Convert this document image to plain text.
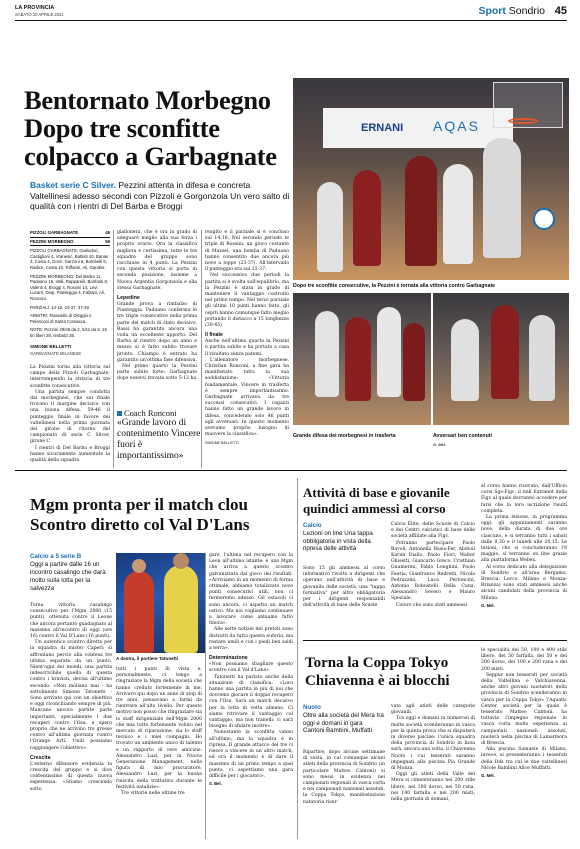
LA PROVINCIA
SABATO 10 APRILE 2021	Sport Sondrio 45
Bentornato Morbegno
Dopo tre sconfitte
colpacco a Garbagnate
Basket serie C Silver. Pezzini attenta in difesa e concreta Valtellinesi adesso secondi con Pizzoli e Gorgonzola Un vero salto di qualità con i rientri di Del Barba e Broggi
PIZZOLI GARBAGNATE	46
PEZZINI MORBEGNO	59
PIZZOLI GARBAGNATE: Giuliodori, Castiglioni 4, Vranesic, Battisti 10, Banas 3, Costa 4, Gorzi, Garzoni 6, Bombelli 6, Radice, Costa 10, Toffanin, Ali, Gandini.
PEZZINI MORBEGNO: Del Barba 11, Paduano 16, Valli, Rappareili, Bonfanti 8, Valenti 4, Broggi 4, Rossini 14, Levi Lucarri, Diop, Pianteggia 4, Falzani, Ali, Ronconi.
PARZIALI: 14-16, 23-37, 37-49
ARBITRI: Tarasiello di Oleggio e Pelanconi di Santa Comasca.
NOTE: Pezzini 29/46 da 2, 5/11 da 3, 16 tiri liberi 28, rimbalzi 35.
SIMONE BELLETTI
GARBAGNATE MILANESE

La Pezzini torna alla vittoria sul campo della Pizzoli Garbagnate, interrompendo la striscia di tre sconfitte consecutive.

Una partita sempre condotta dai morbegnesi, che sul finale trovano il margine decisivo con una buona difesa. 59-46 il punteggio finale in favore dei valtellinesi nella prima giornata del girone di ritorno del campionato di serie C Silver, girone C.

I rientri di Del Barba e Broggi hanno sicuramente aumentato la qualità della squadra

giallonera, che è ora in grado di adeguare meglio alla sua forza i proprio orario. Ora la classifica migliora e certissima, tutte le tre squadre del gruppo sono racchiuse in 4 punti. La Pezzini con questa vittoria si porta in seconda posizione, insieme a Nuova Argentia Gorgonzola e alla stessa Garbagnate.

Lepedine

Grande prova a rimbalzo di Pianteggia. Paduano conferma le tre triple consecutive nella prima parte del match di stato decisivo. Bassi ha garantito ancora una volta un eccellente apporto. Del Barba al rientro dopo un anno e mezzo si è fatto subito trovare pronto. Chiampo è entrato ha garantito un'ottima fase difensiva.

Nel primo quarto la Pezzini parte subito forte: Garbagnate dopo essersi trovata sotto 5-12 ha

Coach Ronconi
«Grande lavoro di contenimento Vincere fuori è importantissimo»

reagito e il parziale si è concluso sul 14-16. Nel secondo periodo le triple di Rossini, un gioco costante di Mazzei, una bomba di Paduano hanno consentito due ancora più nove a loppo (23-37). All'intervallo il punteggio era sul 23-37.

Nel successivo due periodi la partita si è svolta sull'equilibrio, ma la Pezzini è stata in grado di mantenere il vantaggio costruito nel primo tempo. Nel terzo parziale gli ultimi 10 punti hanno fatto, gli ospiti hanno comunque fatto meglio portando il distacco a 15 lunghezze (30-45).

Il finale

Anche nell'ultimo quarto la Pezzini è partita subito e ha portato a casa il risultato senza patemi.

L'allenatore morbegnese, Christian Ronconi, a fine gara ha manifestato tutta la sua soddisfazione: «Vittoria fondamentale. Vincere in trasferta è sempre importantissimo. Garbagnate arrivava da tre successi consecutivi. I ragazzi hanno fatto un grande lavoro in difesa, concedendo solo 46 punti agli avversari. In questo momento avevamo proprio bisogno di muovere la classifica».

SIMONE BELLETTI
ERNANI AQAS
Dopo tre sconfitte consecutive, la Pezzini è tornata alla vittoria contro Garbagnate
Grande difesa dei morbegnesi in trasferta	Avversari ben contenuti
G. Mel.
Mgm pronta per il match clou
Scontro diretto col Val D'Lans
Calcio a 5 serie B
Oggi a partire dalle 16 un incontro casalingo che darà molto sulla lotta per la salvezza

Torna vittoria casalingo consecutivo per l'Mgm 2000 (15 punti), ottenuta contro il Leone che ancora pertanto guadagnato al massimo all'incontro di oggi (ore 16) contro il Val D'Lans (16 punti).

Un autentico scontro diretto per la squadra di mister Caperi: si affrontano perciò alla contesa tre ultima separate da un punto. Nient'ogni dei mondi, una partita indescrivibile quella di questa contro i bravisti, decisa all'ultimo secondo. «Non mollano mai - ha sottolineato Simone Tatonetti - Sono arrivato qui con un obiettivo e oggi riconciliando sempre di più. Mancano ancora partite parte importanti, specialmente i due recuperi contro l'Osa, e spero proprio che ne arrivino tre grosse contro all'ultima giornata contro l'Orange Arti. Uniti possiamo raggiungere l'obiettivo».

Crescita

L'esterno difensore evidenzia la crescita del gruppo e si dice contentissimo di questa nuova esperienza: «Stiamo crescendo sotto

A destra, il portiere Tatonetti

tutti i punti di vista e, personalmente, ci tengo a ringraziare la Mgm della società che hanno creduto fortemente in me. Arrivavo qui dopo un anno di stop di tre anni, pensavano a farmi da rientrare all'alto livello. Per questo motivo non posso che ringraziare sia lo staff dirigenziale dell'Mgm 2000 che mia tutto fortemente voluto nel mercato di riparazione, sia lo staff tecnico e i miei compagni. Ho trovato un ambiente unico di talento e un rapporto di vere amicizie. Alessandro Luzi, per la Nuova Generazione Management, nella figura di mio procuratore, Alessandro Luzi, per la buona riuscita della trattativa durante le festività natalizie».

Tre vittorie nelle ultime tre

gare, l'ultima nel recupero con la Leon all'ultimo istante: è una Mgm che arriva a questo scontro galvanizzata dal gioco dei risultati. «Arriviamo in un momento di forma ottimale, abbiamo totalizzato nove punti consecutivi utili, non ci fermeremo adesso. Gli ostacoli ci sono ancora, ci aspetta un match ostico. Ma noi vogliamo continuare a lavorare come abbiamo fatto finora».

Alle sette notizie del pretoti sono distrutti da tutta questa euforia, ma restare umili e con i piedi ben saldi a terra».

Determinazione

«Non possiamo sbagliare questo scontro con il Val d'Lans».

Tatonetti ha parlato anche della situazione di classifica: «Loro hanno una partita in più di noi che dovremo giocare il doppio recupero con l'Osa. Sarà un match decisivo per la lotta di vetta almeno. Ci siamo ritrovare il vantaggio col vantaggio, ma non tranelli: ci sarà bisogno di sfidare inoltre».

Nonostante la sconfitta vanno all'ultimo, ma la squadra è in ripresa. Il grande attacco del tre ci riesce a vincere in un altro match, ed ora il momento è di dare il massimo di un primo tempo a quel punto, ci aspettiamo una gara difficile per i giocatori».

S. Bel.
Attività di base e giovanile
quindici ammessi al corso
Calcio
Lezioni on line Una tappa obbligatoria in vista della ripresa delle attività

Sono 15 gli ammessi al corso informativo rivolto a dirigenti che operano nell'attività di base e giovanile delle società, una "tappa formativa" per altro obbligatoria per i dirigenti responsabili dell'attività di base delle Scuole

Calcio Élite, delle Scuole di Calcio e dei Centri calcistici di base delle società affiliate alla Figc.

Potranno partecipare Paolo Bavoli, Antonella Basis-Fer, Abdoul Karim Diallo, Paolo Fiori, Walter Ghisetti, Giancarlo Greco, Cristhian Guamermi, Fabio Longhini, Paolo Faeria, Gianfranco Redretti, Nicola Pedrazzini, Luca Pertoncini, Antonio Robustelli Della Cuna, Alessandro Severo e Mauro Speziale.

Coloro che sono stati ammessi

al corso hanno ricevuto, dall'Ufficio corsi Sgs-Figc, il link Extranet della Figc al quale dovranno accedere per farsi che la loro iscrizione risulti completa.

La prima lezione, in programma oggi, gli appuntamenti saranno nove, della durata di due ore ciascuno, e si terranno tutti i sabati dalle 9,30 e il lunedì alle 20,15. Le lezioni, che si concluderanno l'8 maggio, si terranno on line grazie alla piattaforma Webex.

Al corso dedicato alla delegazione di Sondrio e all'area Bergamo, Brescia, Lecco, Milano e Monza-Brianza) sono stati ammessi anche alcuni candidati della provincia di Milano.

G. Mel.
Torna la Coppa Tokyo
Chiavenna è ai blocchi
Nuoto
Oltre alla società del Mera tra oggi e domani in gara Cantoni Bambini, Muffatti

Ripartire, dopo alcune settimane di sosta, in cui comunque alcuni atleti della provincia di Sondrio (in particolare Matteo Cantoni) si sono messi in evidenza nei campionati regionali in vasca corta e nei campionati nazionali assoluti, la Coppa Tokyo, manifestazione natatoria riser-

vata agli atleti delle categorie giovanili.

Tra oggi e domani in numerosi di molte società scenderanno in vasca per la quinta prova che si disputerà in diverse piscine: l'unica squadra della provincia di Sondrio in lizza sarà, ancora una volta, il Chiavenna Nuoto i cui tesserati saranno impegnati alla piscina Pia Grande di Monza.

Oggi gli atleti della Valle del Mera si cimenteranno nei 200 stile libero, nei 100 dorso, nei 50 rana, nei 100 farfalla e nei 200 misti; nella giornata di domani,

le specialità dei 50, 100 e 400 stile libero, dei 50 farfalla, dei 50 e dei 200 dorso, dei 100 e 200 rana e dei 200 misti.

Seppur non tesserati per società della Valtellina e Valchiavenna, anche altri giovani nuotatori della provincia di Sondrio scenderanno in vasca per la Coppa Tokyo: l'Aquatic Center, società per la quale è tesserato Matteo Cantoni, ha tuttavia l'impegno regionale in vasca corta molto esperienza ai campionati nazionali assoluti, nuoterà nella piscina di Lamarmora di Brescia.

Alla piscina Samuele di Milano, invece, si presenteranno i tesserati della Dds tra cui le due valtellinesi Nicole Bambini Alice Muffatti.

G. Mel.
